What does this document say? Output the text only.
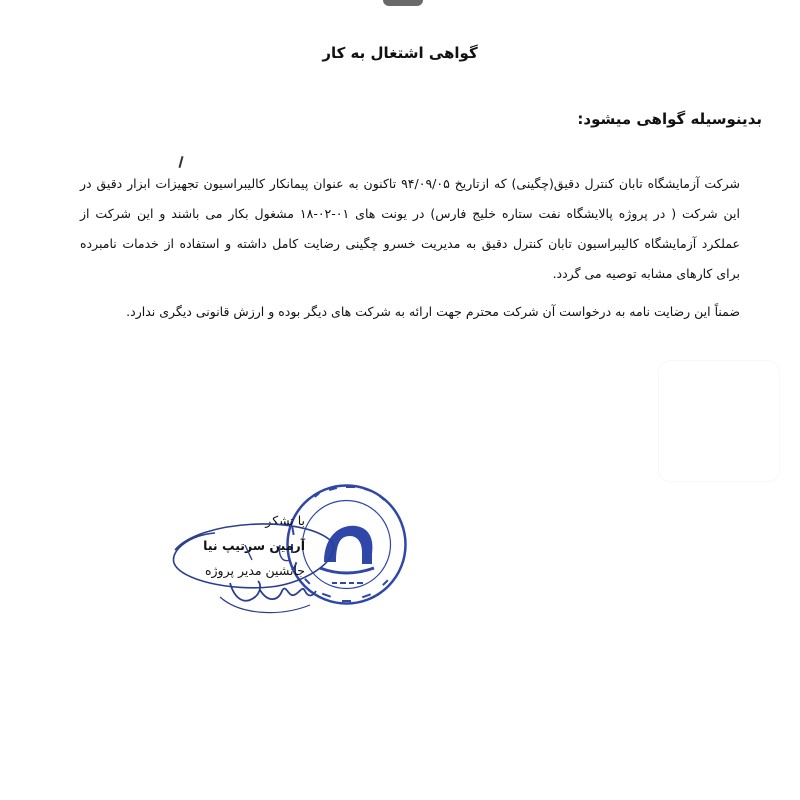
گواهی اشتغال به کار
بدینوسیله گواهی میشود:

شرکت آزمایشگاه تابان کنترل دقیق(چگینی) که ازتاریخ ۹۴/۰۹/۰۵ تاکنون به عنوان پیمانکار کالیبراسیون تجهیزات ابزار دقیق در این شرکت ( در پروژه پالایشگاه نفت ستاره خلیج فارس) در یونت های ۰۱-۰۲-۱۸ مشغول بکار می باشند و این شرکت از عملکرد آزمایشگاه کالیبراسیون تابان کنترل دقیق به مدیریت خسرو چگینی رضایت کامل داشته و استفاده از خدمات نامبرده برای کارهای مشابه توصیه می گردد.

ضمناً این رضایت نامه به درخواست آن شرکت محترم جهت ارائه به شرکت های دیگر بوده و ارزش قانونی دیگری ندارد.

با تشکر
آرمین سرتیپ نیا
جانشین مدیر پروژه
